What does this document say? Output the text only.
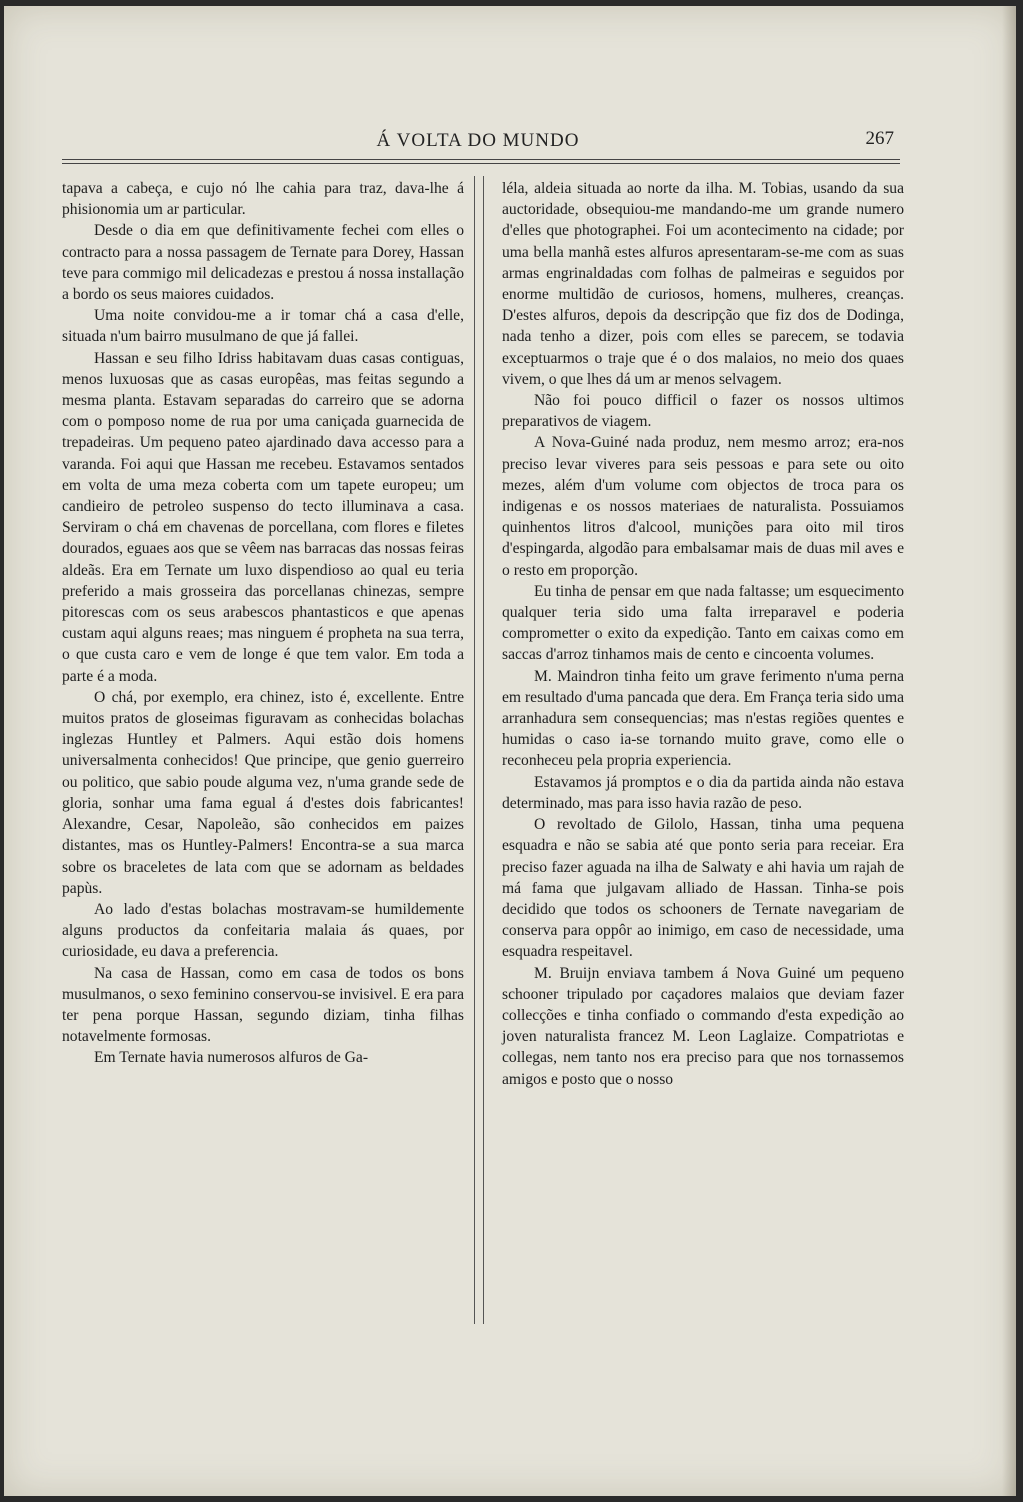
Á VOLTA DO MUNDO	267

tapava a cabeça, e cujo nó lhe cahia para traz, dava-lhe á phisionomia um ar particular.

Desde o dia em que definitivamente fechei com elles o contracto para a nossa passagem de Ternate para Dorey, Hassan teve para commigo mil delicadezas e prestou á nossa installação a bordo os seus maiores cuidados.

Uma noite convidou-me a ir tomar chá a casa d'elle, situada n'um bairro musulmano de que já fallei.

Hassan e seu filho Idriss habitavam duas casas contiguas, menos luxuosas que as casas europêas, mas feitas segundo a mesma planta. Estavam separadas do carreiro que se adorna com o pomposo nome de rua por uma caniçada guarnecida de trepadeiras. Um pequeno pateo ajardinado dava accesso para a varanda. Foi aqui que Hassan me recebeu. Estavamos sentados em volta de uma meza coberta com um tapete europeu; um candieiro de petroleo suspenso do tecto illuminava a casa. Serviram o chá em chavenas de porcellana, com flores e filetes dourados, eguaes aos que se vêem nas barracas das nossas feiras aldeãs. Era em Ternate um luxo dispendioso ao qual eu teria preferido a mais grosseira das porcellanas chinezas, sempre pitorescas com os seus arabescos phantasticos e que apenas custam aqui alguns reaes; mas ninguem é propheta na sua terra, o que custa caro e vem de longe é que tem valor. Em toda a parte é a moda.

O chá, por exemplo, era chinez, isto é, excellente. Entre muitos pratos de gloseimas figuravam as conhecidas bolachas inglezas Huntley et Palmers. Aqui estão dois homens universalmenta conhecidos! Que principe, que genio guerreiro ou politico, que sabio poude alguma vez, n'uma grande sede de gloria, sonhar uma fama egual á d'estes dois fabricantes! Alexandre, Cesar, Napoleão, são conhecidos em paizes distantes, mas os Huntley-Palmers! Encontra-se a sua marca sobre os braceletes de lata com que se adornam as beldades papùs.

Ao lado d'estas bolachas mostravam-se humildemente alguns productos da confeitaria malaia ás quaes, por curiosidade, eu dava a preferencia.

Na casa de Hassan, como em casa de todos os bons musulmanos, o sexo feminino conservou-se invisivel. E era para ter pena porque Hassan, segundo diziam, tinha filhas notavelmente formosas.

Em Ternate havia numerosos alfuros de Ga-

léla, aldeia situada ao norte da ilha. M. Tobias, usando da sua auctoridade, obsequiou-me mandando-me um grande numero d'elles que photographei. Foi um acontecimento na cidade; por uma bella manhã estes alfuros apresentaram-se-me com as suas armas engrinaldadas com folhas de palmeiras e seguidos por enorme multidão de curiosos, homens, mulheres, creanças. D'estes alfuros, depois da descripção que fiz dos de Dodinga, nada tenho a dizer, pois com elles se parecem, se todavia exceptuarmos o traje que é o dos malaios, no meio dos quaes vivem, o que lhes dá um ar menos selvagem.

Não foi pouco difficil o fazer os nossos ultimos preparativos de viagem.

A Nova-Guiné nada produz, nem mesmo arroz; era-nos preciso levar viveres para seis pessoas e para sete ou oito mezes, além d'um volume com objectos de troca para os indigenas e os nossos materiaes de naturalista. Possuiamos quinhentos litros d'alcool, munições para oito mil tiros d'espingarda, algodão para embalsamar mais de duas mil aves e o resto em proporção.

Eu tinha de pensar em que nada faltasse; um esquecimento qualquer teria sido uma falta irreparavel e poderia comprometter o exito da expedição. Tanto em caixas como em saccas d'arroz tinhamos mais de cento e cincoenta volumes.

M. Maindron tinha feito um grave ferimento n'uma perna em resultado d'uma pancada que dera. Em França teria sido uma arranhadura sem consequencias; mas n'estas regiões quentes e humidas o caso ia-se tornando muito grave, como elle o reconheceu pela propria experiencia.

Estavamos já promptos e o dia da partida ainda não estava determinado, mas para isso havia razão de peso.

O revoltado de Gilolo, Hassan, tinha uma pequena esquadra e não se sabia até que ponto seria para receiar. Era preciso fazer aguada na ilha de Salwaty e ahi havia um rajah de má fama que julgavam alliado de Hassan. Tinha-se pois decidido que todos os schooners de Ternate navegariam de conserva para oppôr ao inimigo, em caso de necessidade, uma esquadra respeitavel.

M. Bruijn enviava tambem á Nova Guiné um pequeno schooner tripulado por caçadores malaios que deviam fazer collecções e tinha confiado o commando d'esta expedição ao joven naturalista francez M. Leon Laglaize. Compatriotas e collegas, nem tanto nos era preciso para que nos tornassemos amigos e posto que o nosso
